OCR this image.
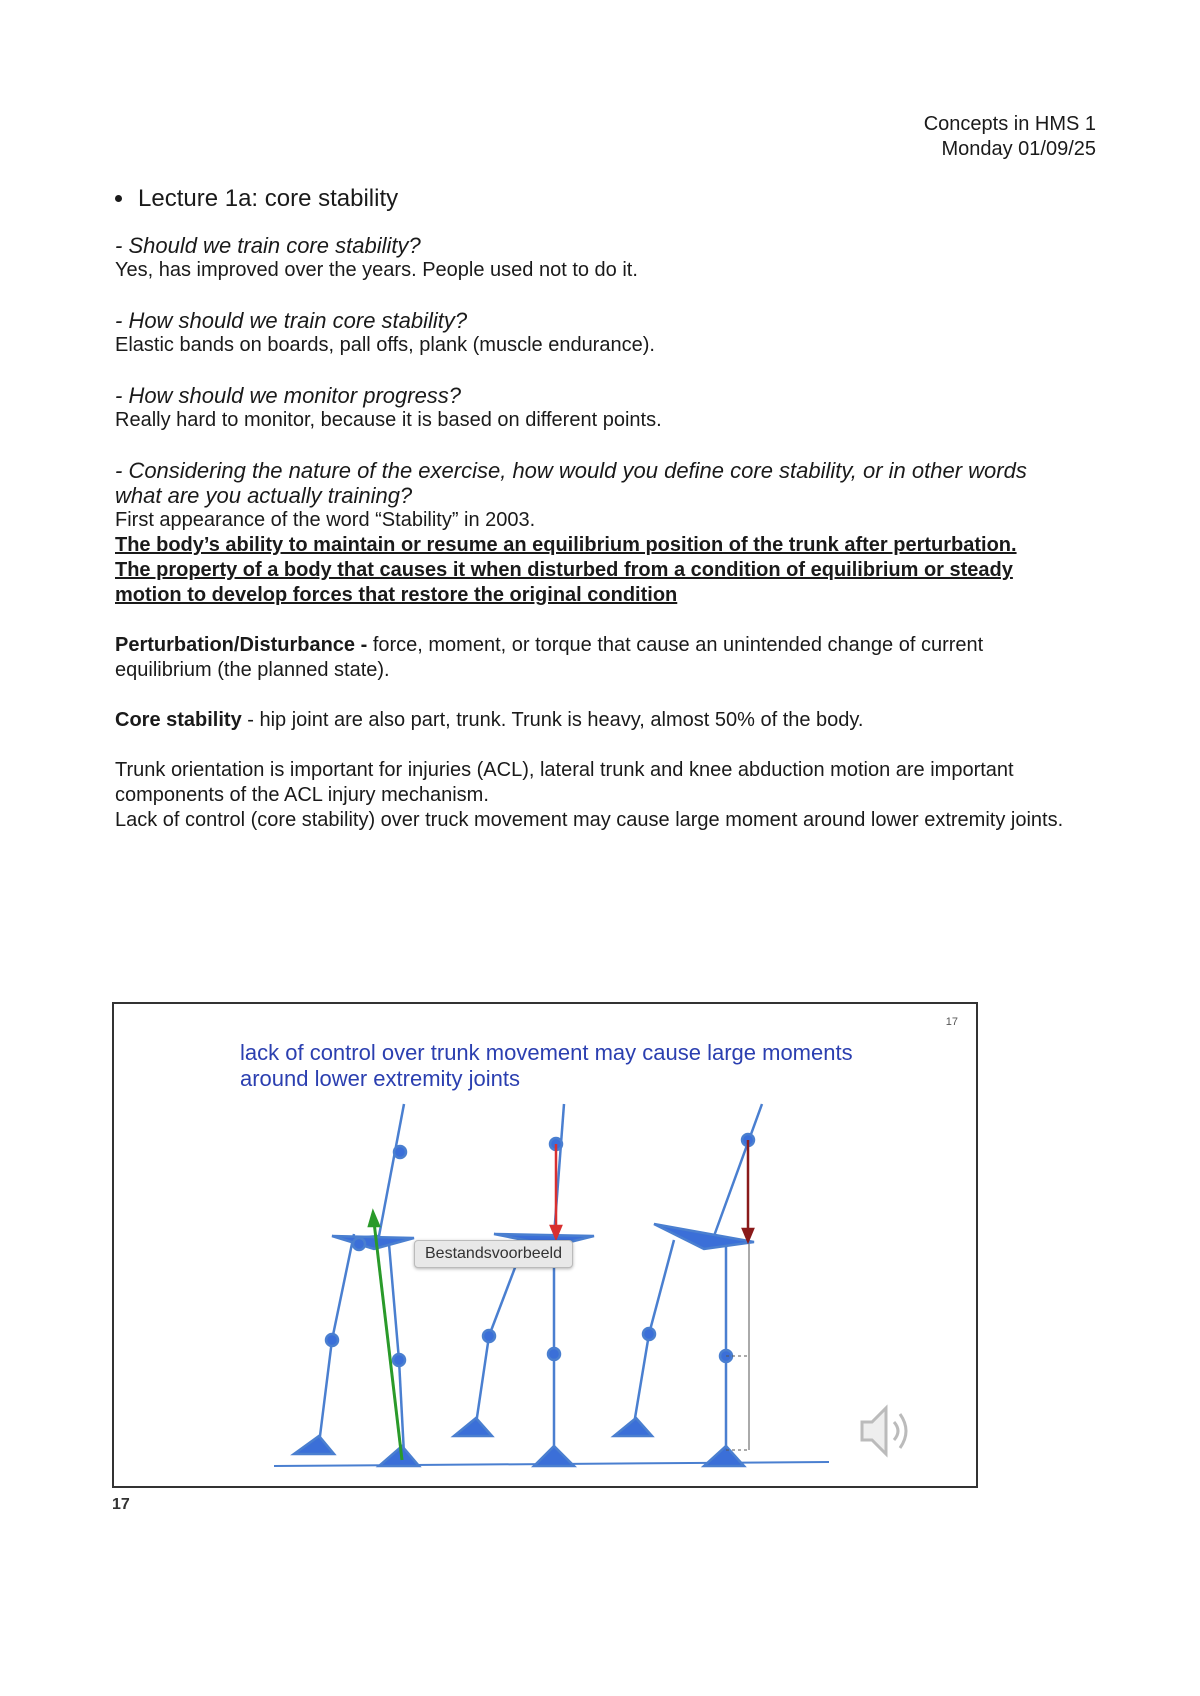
Concepts in HMS 1
Monday 01/09/25
Lecture 1a: core stability
- Should we train core stability?
Yes, has improved over the years. People used not to do it.
- How should we train core stability?
Elastic bands on boards, pall offs, plank (muscle endurance).
- How should we monitor progress?
Really hard to monitor, because it is based on different points.
- Considering the nature of the exercise, how would you define core stability, or in other words what are you actually training?
First appearance of the word “Stability” in 2003.
The body’s ability to maintain or resume an equilibrium position of the trunk after perturbation.
The property of a body that causes it when disturbed from a condition of equilibrium or steady motion to develop forces that restore the original condition
Perturbation/Disturbance - force, moment, or torque that cause an unintended change of current equilibrium (the planned state).
Core stability - hip joint are also part, trunk. Trunk is heavy, almost 50% of the body.
Trunk orientation is important for injuries (ACL), lateral trunk and knee abduction motion are important components of the ACL injury mechanism.
Lack of control (core stability) over truck movement may cause large moment around lower extremity joints.
17
lack of control over trunk movement may cause large moments
around lower extremity joints
Bestandsvoorbeeld
17
